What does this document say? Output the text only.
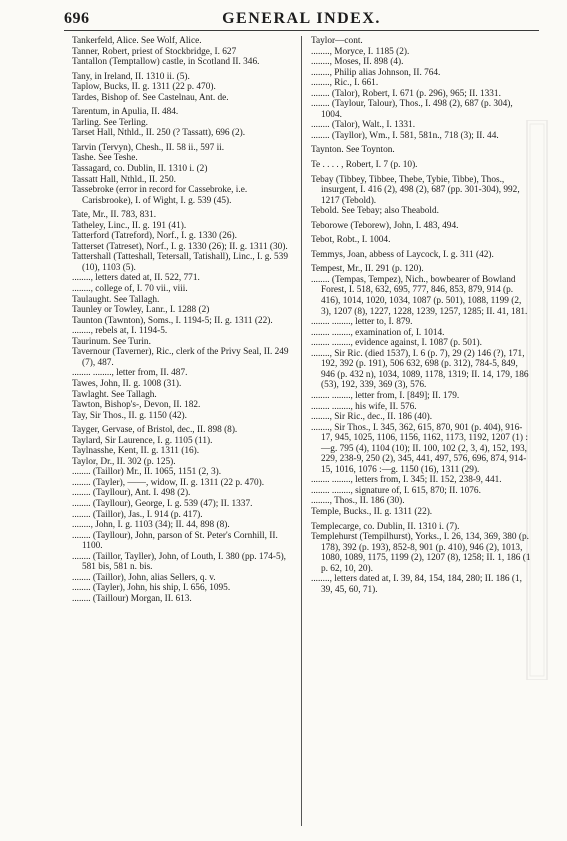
696	GENERAL INDEX.

Tankerfeld, Alice. See Wolf, Alice.

Tanner, Robert, priest of Stockbridge, I. 627

Tantallon (Temptallow) castle, in Scotland II. 346.

Tany, in Ireland, II. 1310 ii. (5).

Taplow, Bucks, II. g. 1311 (22 p. 470).

Tardes, Bishop of. See Castelnau, Ant. de.

Tarentum, in Apulia, II. 484.

Tarling. See Terling.

Tarset Hall, Nthld., II. 250 (? Tassatt), 696 (2).

Tarvin (Tervyn), Chesh., II. 58 ii., 597 ii.

Tashe. See Teshe.

Tassagard, co. Dublin, II. 1310 i. (2)

Tassatt Hall, Nthld., II. 250.

Tassebroke (error in record for Cassebroke, i.e. Carisbrooke), I. of Wight, I. g. 539 (45).

Tate, Mr., II. 783, 831.

Tatheley, Linc., II. g. 191 (41).

Tatterford (Tatreford), Norf., I. g. 1330 (26).

Tatterset (Tatreset), Norf., I. g. 1330 (26); II. g. 1311 (30).

Tattershall (Tatteshall, Tetersall, Tatishall), Linc., I. g. 539 (10), 1103 (5).

........, letters dated at, II. 522, 771.

........, college of, I. 70 vii., viii.

Taulaught. See Tallagh.

Taunley or Towley, Lanr., I. 1288 (2)

Taunton (Tawnton), Soms., I. 1194-5; II. g. 1311 (22).

........, rebels at, I. 1194-5.

Taurinum. See Turin.

Tavernour (Taverner), Ric., clerk of the Privy Seal, II. 249 (7), 487.

........ ........, letter from, II. 487.

Tawes, John, II. g. 1008 (31).

Tawlaght. See Tallagh.

Tawton, Bishop's-, Devon, II. 182.

Tay, Sir Thos., II. g. 1150 (42).

Tayger, Gervase, of Bristol, dec., II. 898 (8).

Taylard, Sir Laurence, I. g. 1105 (11).

Taylnasshe, Kent, II. g. 1311 (16).

Taylor, Dr., II. 302 (p. 125).

........ (Taillor) Mr., II. 1065, 1151 (2, 3).

........ (Tayler), ——, widow, II. g. 1311 (22 p. 470).

........ (Tayllour), Ant. I. 498 (2).

........ (Tayllour), George, I. g. 539 (47); II. 1337.

........ (Taillor), Jas., I. 914 (p. 417).

........, John, I. g. 1103 (34); II. 44, 898 (8).

........ (Tayllour), John, parson of St. Peter's Cornhill, II. 1100.

........ (Taillor, Tayller), John, of Louth, I. 380 (pp. 174-5), 581 bis, 581 n. bis.

........ (Taillor), John, alias Sellers, q. v.

........ (Tayler), John, his ship, I. 656, 1095.

........ (Taillour) Morgan, II. 613.

Taylor—cont.

........, Moryce, I. 1185 (2).

........, Moses, II. 898 (4).

........, Philip alias Johnson, II. 764.

........, Ric., I. 661.

........ (Talor), Robert, I. 671 (p. 296), 965; II. 1331.

........ (Taylour, Talour), Thos., I. 498 (2), 687 (p. 304), 1004.

........ (Talor), Walt., I. 1331.

........ (Tayllor), Wm., I. 581, 581n., 718 (3); II. 44.

Taynton. See Toynton.

Te . . . . , Robert, I. 7 (p. 10).

Tebay (Tibbey, Tibbee, Thebe, Tybie, Tibbe), Thos., insurgent, I. 416 (2), 498 (2), 687 (pp. 301-304), 992, 1217 (Tebold).

Tebold. See Tebay; also Theabold.

Teborowe (Teborew), John, I. 483, 494.

Tebot, Robt., I. 1004.

Temmys, Joan, abbess of Laycock, I. g. 311 (42).

Tempest, Mr., II. 291 (p. 120).

........ (Tempas, Tempez), Nich., bowbearer of Bowland Forest, I. 518, 632, 695, 777, 846, 853, 879, 914 (p. 416), 1014, 1020, 1034, 1087 (p. 501), 1088, 1199 (2, 3), 1207 (8), 1227, 1228, 1239, 1257, 1285; II. 41, 181.

........ ........, letter to, I. 879.

........ ........, examination of, I. 1014.

........ ........, evidence against, I. 1087 (p. 501).

........, Sir Ric. (died 1537), I. 6 (p. 7), 29 (2) 146 (?), 171, 192, 392 (p. 191), 506 632, 698 (p. 312), 784-5, 849, 946 (p. 432 n), 1034, 1089, 1178, 1319; II. 14, 179, 186 (53), 192, 339, 369 (3), 576.

........ ........, letter from, I. [849]; II. 179.

........ ........, his wife, II. 576.

........, Sir Ric., dec., II. 186 (40).

........, Sir Thos., I. 345, 362, 615, 870, 901 (p. 404), 916-17, 945, 1025, 1106, 1156, 1162, 1173, 1192, 1207 (1) :—g. 795 (4), 1104 (10); II. 100, 102 (2, 3, 4), 152, 193, 229, 238-9, 250 (2), 345, 441, 497, 576, 696, 874, 914-15, 1016, 1076 :—g. 1150 (16), 1311 (29).

........ ........, letters from, I. 345; II. 152, 238-9, 441.

........ ........, signature of, I. 615, 870; II. 1076.

........, Thos., II. 186 (30).

Temple, Bucks., II. g. 1311 (22).

Templecarge, co. Dublin, II. 1310 i. (7).

Templehurst (Tempilhurst), Yorks., I. 26, 134, 369, 380 (p. 178), 392 (p. 193), 852-8, 901 (p. 410), 946 (2), 1013, 1080, 1089, 1175, 1199 (2), 1207 (8), 1258; II. 1, 186 (1 p. 62, 10, 20).

........, letters dated at, I. 39, 84, 154, 184, 280; II. 186 (1, 39, 45, 60, 71).
